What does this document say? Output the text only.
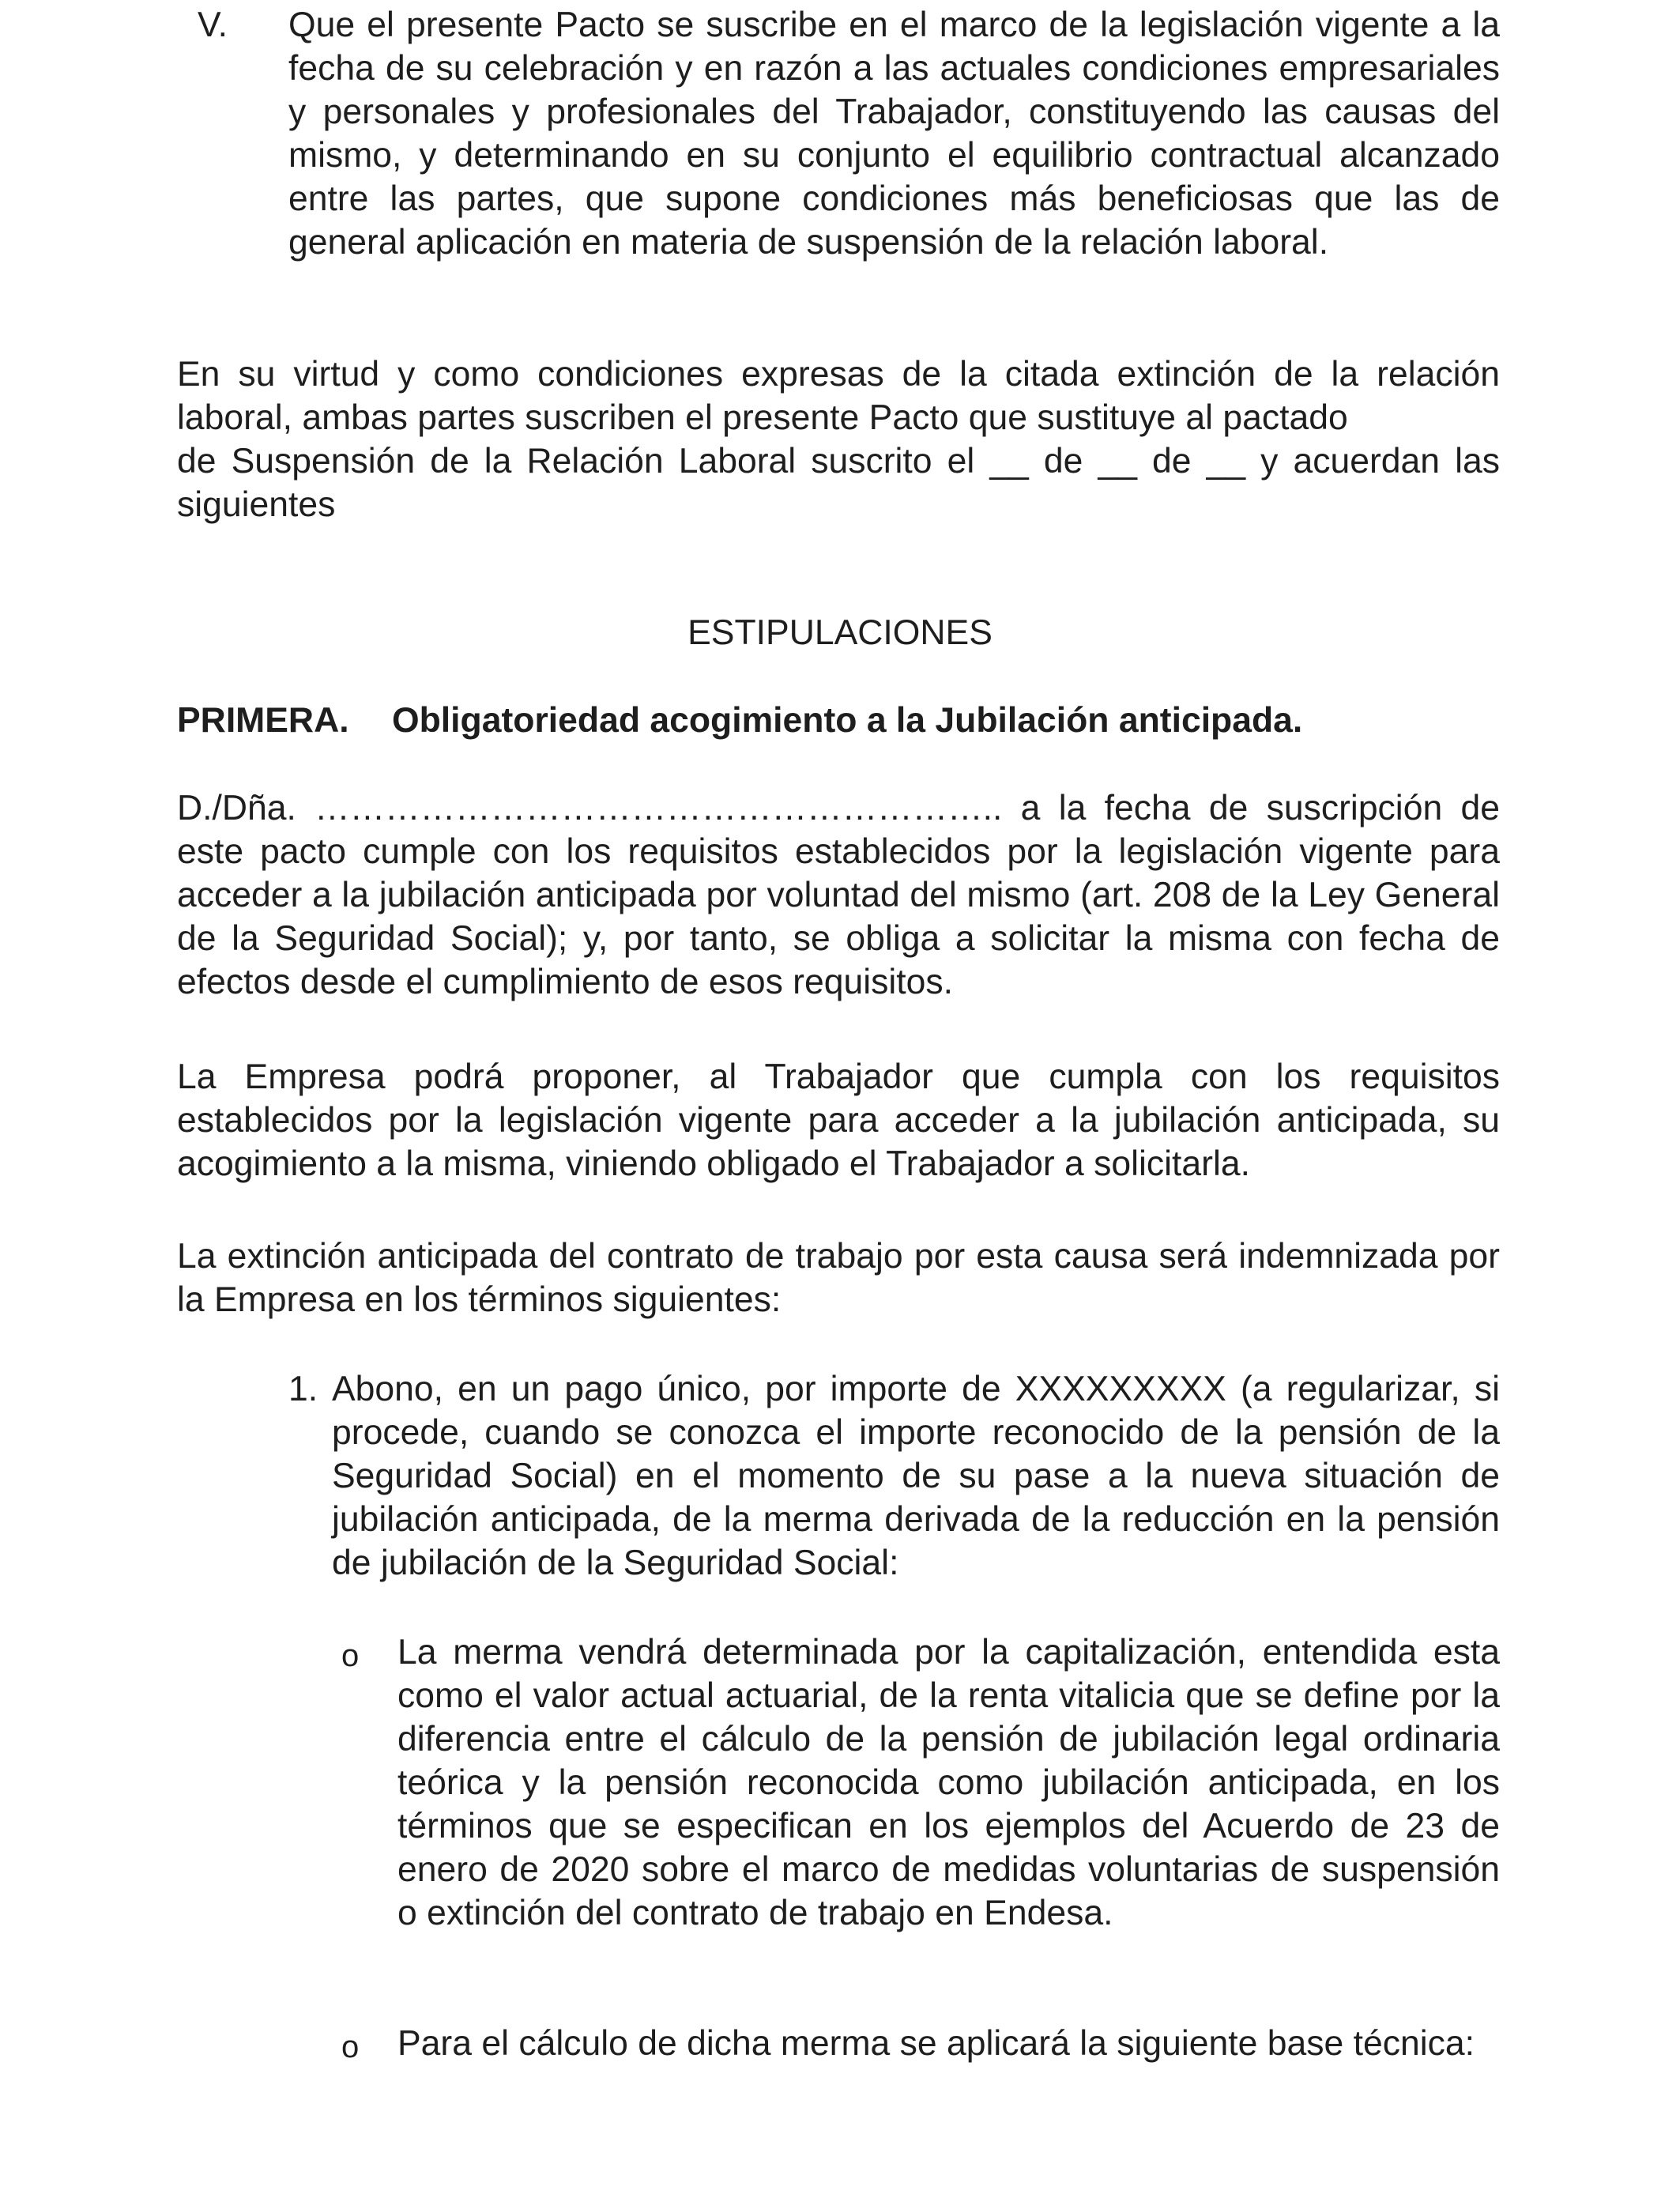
V. Que el presente Pacto se suscribe en el marco de la legislación vigente a la fecha de su celebración y en razón a las actuales condiciones empresariales y personales y profesionales del Trabajador, constituyendo las causas del mismo, y determinando en su conjunto el equilibrio contractual alcanzado entre las partes, que supone condiciones más beneficiosas que las de general aplicación en materia de suspensión de la relación laboral.

En su virtud y como condiciones expresas de la citada extinción de la relación
laboral, ambas partes suscriben el presente Pacto que sustituye al pactado
de Suspensión de la Relación Laboral suscrito el __ de __ de __ y acuerdan las
siguientes
ESTIPULACIONES
PRIMERA. Obligatoriedad acogimiento a la Jubilación anticipada.

D./Dña. ………………………………………………….. a la fecha de suscripción de este pacto cumple con los requisitos establecidos por la legislación vigente para acceder a la jubilación anticipada por voluntad del mismo (art. 208 de la Ley General de la Seguridad Social); y, por tanto, se obliga a solicitar la misma con fecha de efectos desde el cumplimiento de esos requisitos.

La Empresa podrá proponer, al Trabajador que cumpla con los requisitos establecidos por la legislación vigente para acceder a la jubilación anticipada, su acogimiento a la misma, viniendo obligado el Trabajador a solicitarla.

La extinción anticipada del contrato de trabajo por esta causa será indemnizada por la Empresa en los términos siguientes:

1. Abono, en un pago único, por importe de XXXXXXXXX (a regularizar, si procede, cuando se conozca el importe reconocido de la pensión de la Seguridad Social) en el momento de su pase a la nueva situación de jubilación anticipada, de la merma derivada de la reducción en la pensión de jubilación de la Seguridad Social:

o La merma vendrá determinada por la capitalización, entendida esta como el valor actual actuarial, de la renta vitalicia que se define por la diferencia entre el cálculo de la pensión de jubilación legal ordinaria teórica y la pensión reconocida como jubilación anticipada, en los términos que se especifican en los ejemplos del Acuerdo de 23 de enero de 2020 sobre el marco de medidas voluntarias de suspensión o extinción del contrato de trabajo en Endesa.

o Para el cálculo de dicha merma se aplicará la siguiente base técnica:
